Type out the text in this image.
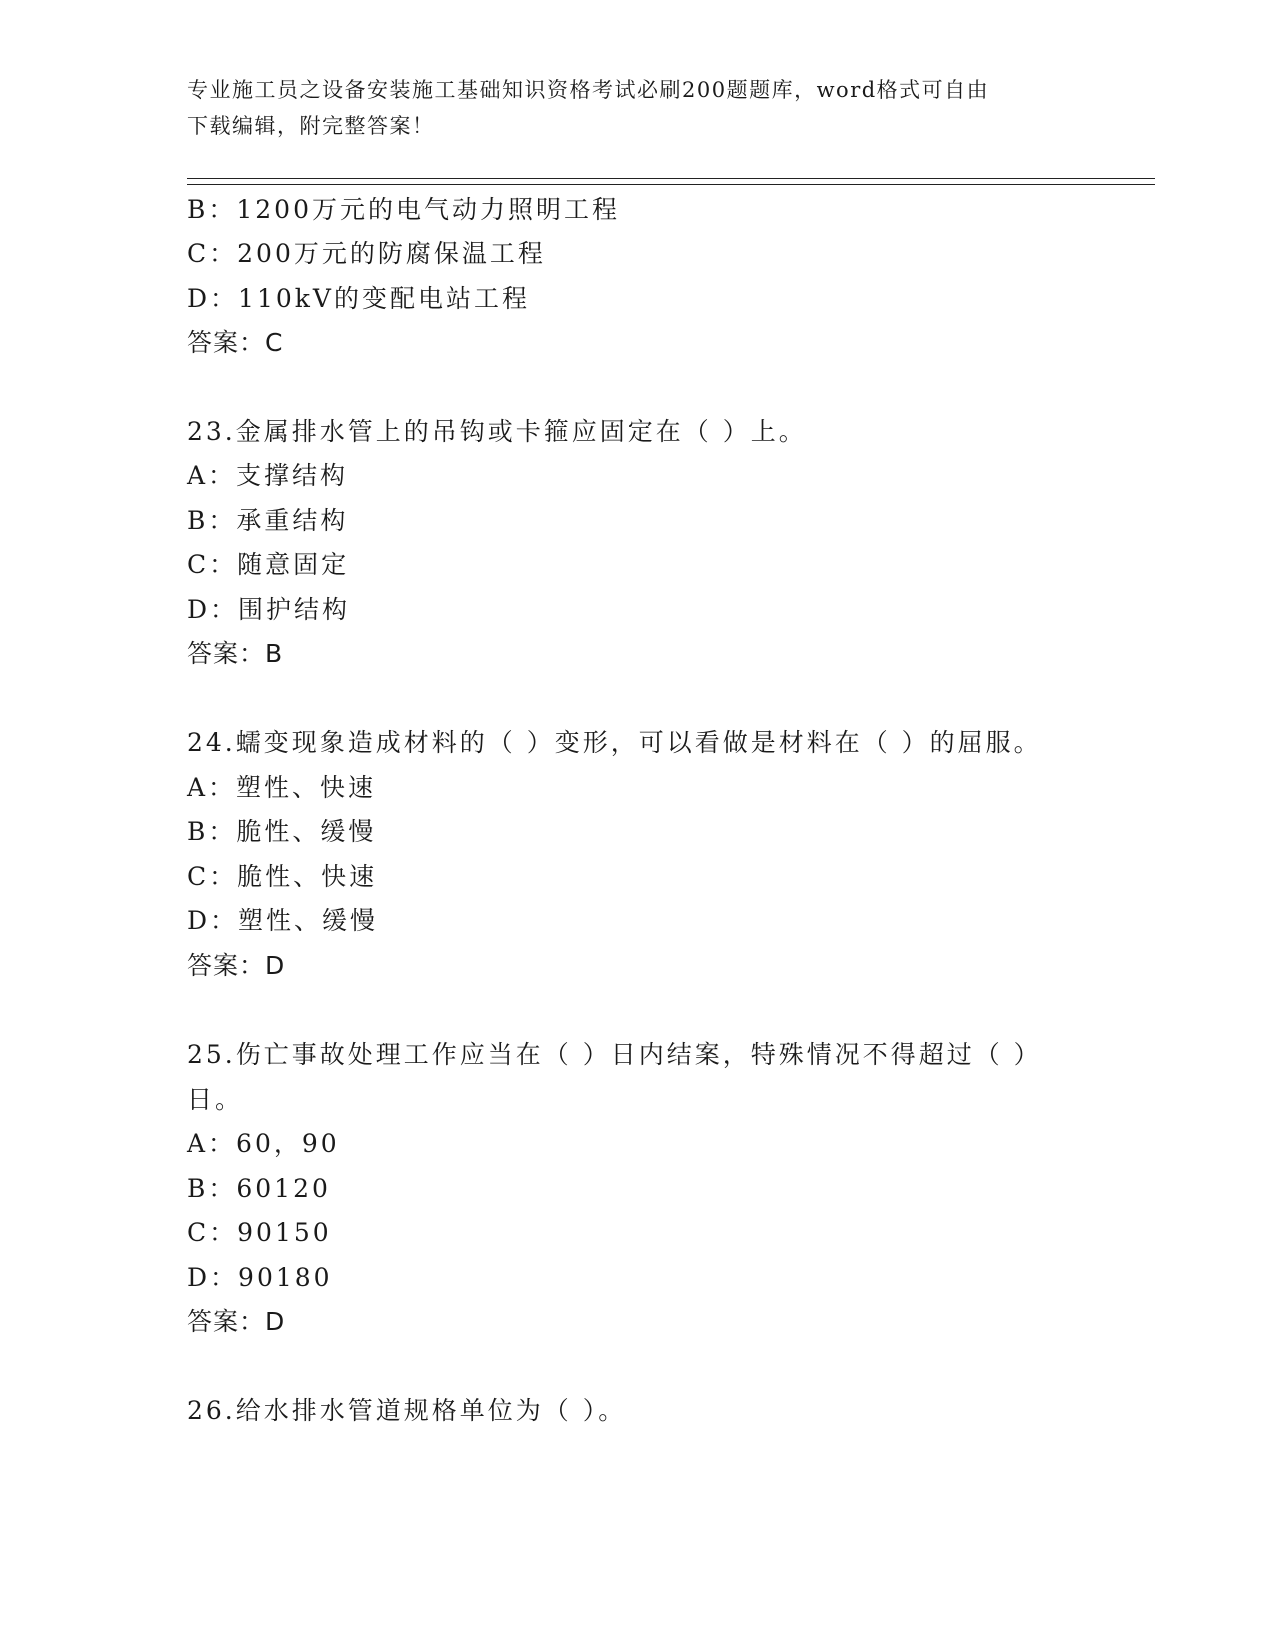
专业施工员之设备安装施工基础知识资格考试必刷200题题库，word格式可自由
下载编辑，附完整答案！
B：1200万元的电气动力照明工程
C：200万元的防腐保温工程
D：110kV的变配电站工程
答案：C
23.金属排水管上的吊钩或卡箍应固定在（ ）上。
A：支撑结构
B：承重结构
C：随意固定
D：围护结构
答案：B
24.蠕变现象造成材料的（ ）变形，可以看做是材料在（ ）的屈服。
A：塑性、快速
B：脆性、缓慢
C：脆性、快速
D：塑性、缓慢
答案：D
25.伤亡事故处理工作应当在（ ）日内结案，特殊情况不得超过（ ）
日。
A：60，90
B：60120
C：90150
D：90180
答案：D
26.给水排水管道规格单位为（ ）。
